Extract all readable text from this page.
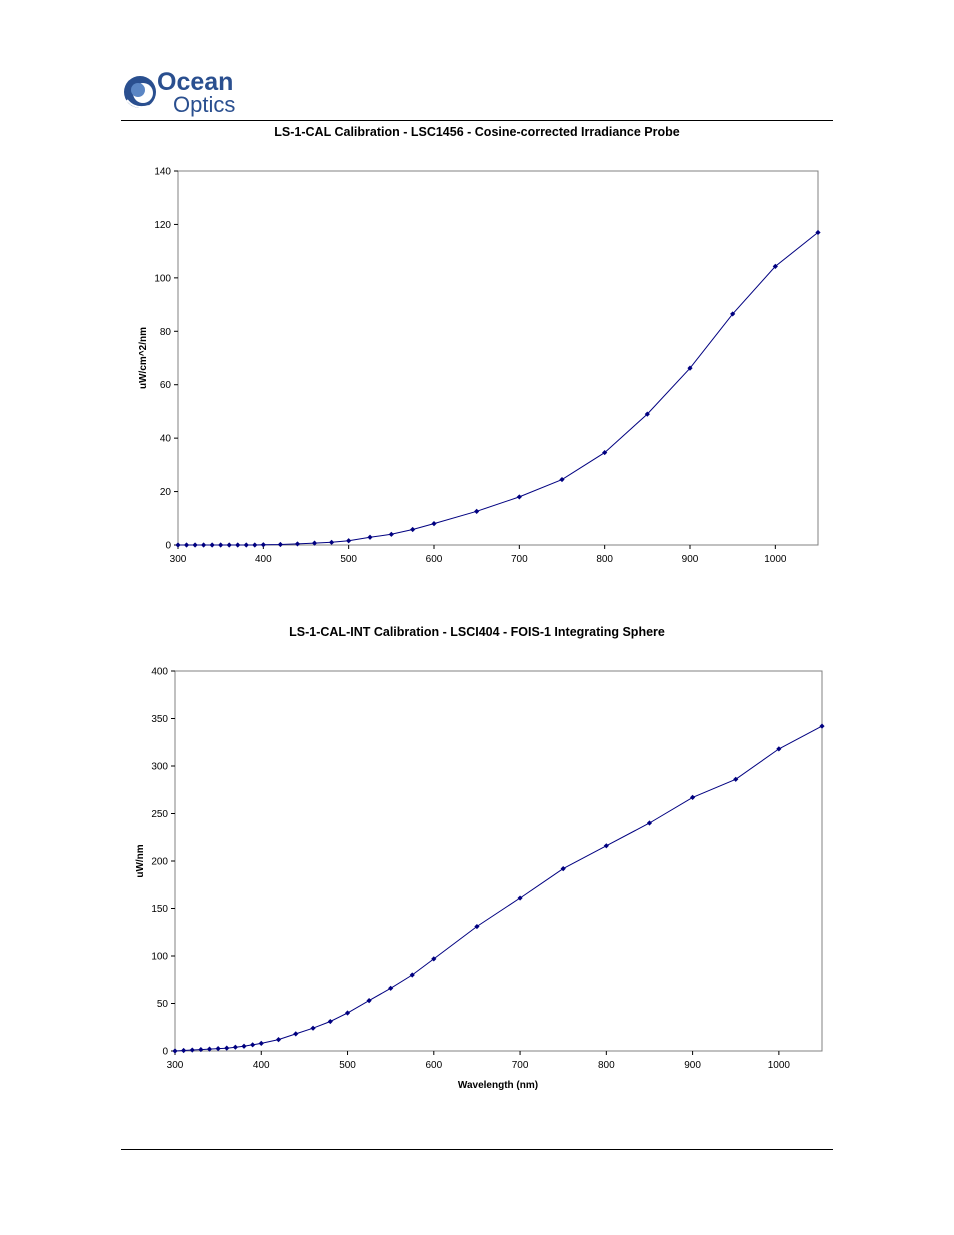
Ocean
Optics
LS-1-CAL Calibration - LSC1456 - Cosine-corrected Irradiance Probe
0
20
40
60
80
100
120
140
300	400	500	600	700	800	900	1000
uW/cm^2/nm
LS-1-CAL-INT Calibration - LSCI404 - FOIS-1 Integrating Sphere
0
50
100
150
200
250
300
350
400
300	400	500	600	700	800	900	1000
uW/nm
Wavelength (nm)
